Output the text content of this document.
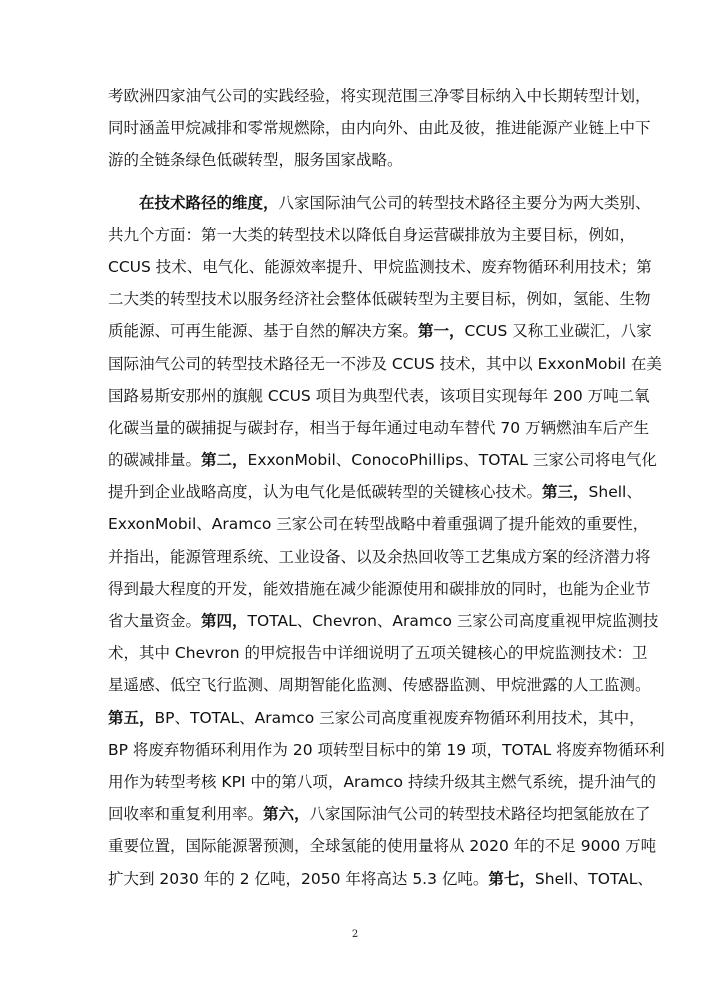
考欧洲四家油气公司的实践经验，将实现范围三净零目标纳入中长期转型计划，
同时涵盖甲烷减排和零常规燃除，由内向外、由此及彼，推进能源产业链上中下
游的全链条绿色低碳转型，服务国家战略。
在技术路径的维度，八家国际油气公司的转型技术路径主要分为两大类别、
共九个方面：第一大类的转型技术以降低自身运营碳排放为主要目标，例如，
CCUS 技术、电气化、能源效率提升、甲烷监测技术、废弃物循环利用技术；第
二大类的转型技术以服务经济社会整体低碳转型为主要目标，例如，氢能、生物
质能源、可再生能源、基于自然的解决方案。第一，CCUS 又称工业碳汇，八家
国际油气公司的转型技术路径无一不涉及 CCUS 技术，其中以 ExxonMobil 在美
国路易斯安那州的旗舰 CCUS 项目为典型代表，该项目实现每年 200 万吨二氧
化碳当量的碳捕捉与碳封存，相当于每年通过电动车替代 70 万辆燃油车后产生
的碳减排量。第二，ExxonMobil、ConocoPhillips、TOTAL 三家公司将电气化
提升到企业战略高度，认为电气化是低碳转型的关键核心技术。第三，Shell、
ExxonMobil、Aramco 三家公司在转型战略中着重强调了提升能效的重要性，
并指出，能源管理系统、工业设备、以及余热回收等工艺集成方案的经济潜力将
得到最大程度的开发，能效措施在减少能源使用和碳排放的同时，也能为企业节
省大量资金。第四，TOTAL、Chevron、Aramco 三家公司高度重视甲烷监测技
术，其中 Chevron 的甲烷报告中详细说明了五项关键核心的甲烷监测技术：卫
星遥感、低空飞行监测、周期智能化监测、传感器监测、甲烷泄露的人工监测。
第五，BP、TOTAL、Aramco 三家公司高度重视废弃物循环利用技术，其中，
BP 将废弃物循环利用作为 20 项转型目标中的第 19 项，TOTAL 将废弃物循环利
用作为转型考核 KPI 中的第八项，Aramco 持续升级其主燃气系统，提升油气的
回收率和重复利用率。第六，八家国际油气公司的转型技术路径均把氢能放在了
重要位置，国际能源署预测，全球氢能的使用量将从 2020 年的不足 9000 万吨
扩大到 2030 年的 2 亿吨，2050 年将高达 5.3 亿吨。第七，Shell、TOTAL、
2
